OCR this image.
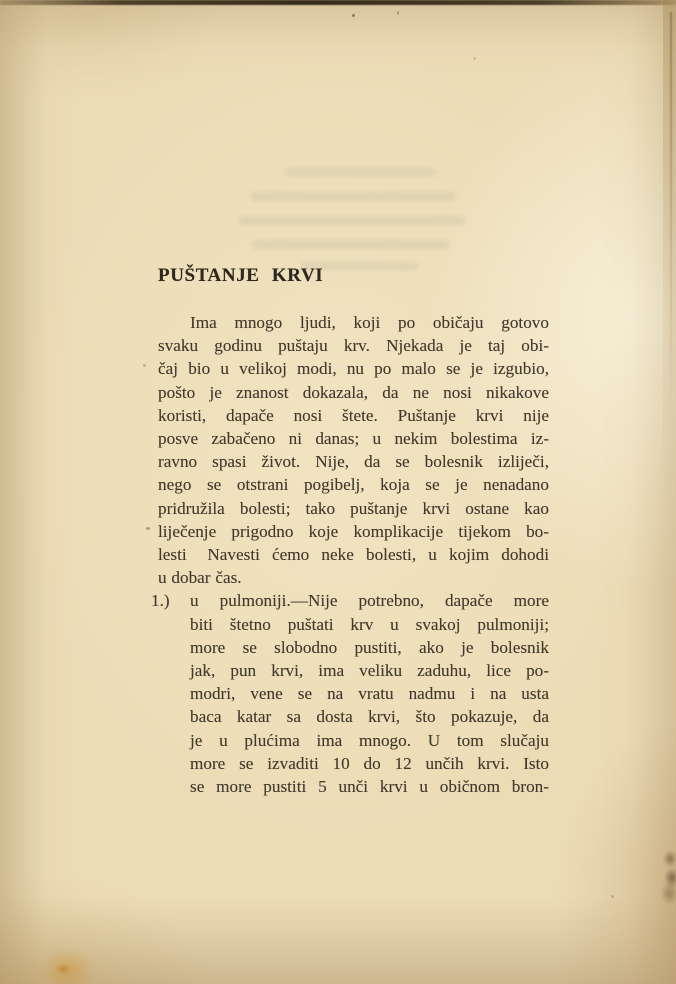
PUŠTANJE KRVI
Ima mnogo ljudi, koji po običaju gotovo
svaku godinu puštaju krv. Njekada je taj obi-
čaj bio u velikoj modi, nu po malo se je izgubio,
pošto je znanost dokazala, da ne nosi nikakove
koristi, dapače nosi štete. Puštanje krvi nije
posve zabačeno ni danas; u nekim bolestima iz-
ravno spasi život. Nije, da se bolesnik izliječi,
nego se otstrani pogibelj, koja se je nenadano
pridružila bolesti; tako puštanje krvi ostane kao
liječenje prigodno koje komplikacije tijekom bo-
lesti  Navesti ćemo neke bolesti, u kojim dohodi
u dobar čas.
1.)	u pulmoniji.—Nije potrebno, dapače more
biti štetno puštati krv u svakoj pulmoniji;
more se slobodno pustiti, ako je bolesnik
jak, pun krvi, ima veliku zaduhu, lice po-
modri, vene se na vratu nadmu i na usta
baca katar sa dosta krvi, što pokazuje, da
je u plućima ima mnogo. U tom slučaju
more se izvaditi 10 do 12 unčih krvi. Isto
se more pustiti 5 unči krvi u običnom bron-
